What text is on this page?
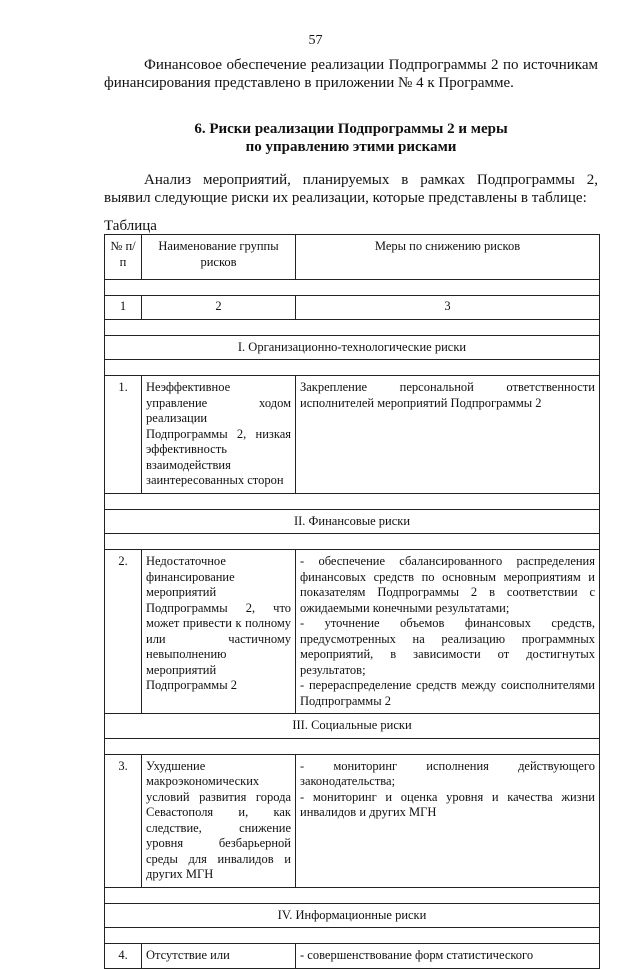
57

Финансовое обеспечение реализации Подпрограммы 2 по источникам финансирования представлено в приложении № 4 к Программе.

6. Риски реализации Подпрограммы 2 и меры
по управлению этими рисками

Анализ мероприятий, планируемых в рамках Подпрограммы 2, выявил следующие риски их реализации, которые представлены в таблице:

Таблица
№ п/п	Наименование группы рисков	Меры по снижению рисков

1	2	3

I. Организационно-технологические риски		

1.	Неэффективное управление ходом реализации Подпрограммы 2, низкая эффективность взаимодействия заинтересованных сторон	Закрепление персональной ответственности исполнителей мероприятий Подпрограммы 2

II. Финансовые риски		

2.	Недостаточное финансирование мероприятий Подпрограммы 2, что может привести к полному или частичному невыполнению мероприятий Подпрограммы 2	- обеспечение сбалансированного распределения финансовых средств по основным мероприятиям и показателям Подпрограммы 2 в соответствии с ожидаемыми конечными результатами;
- уточнение объемов финансовых средств, предусмотренных на реализацию программных мероприятий, в зависимости от достигнутых результатов;
- перераспределение средств между соисполнителями Подпрограммы 2

III. Социальные риски		

3.	Ухудшение макроэкономических условий развития города Севастополя и, как следствие, снижение уровня безбарьерной среды для инвалидов и других МГН	- мониторинг исполнения действующего законодательства;
- мониторинг и оценка уровня и качества жизни инвалидов и других МГН

IV. Информационные риски		

4.	Отсутствие или	- совершенствование форм статистического
